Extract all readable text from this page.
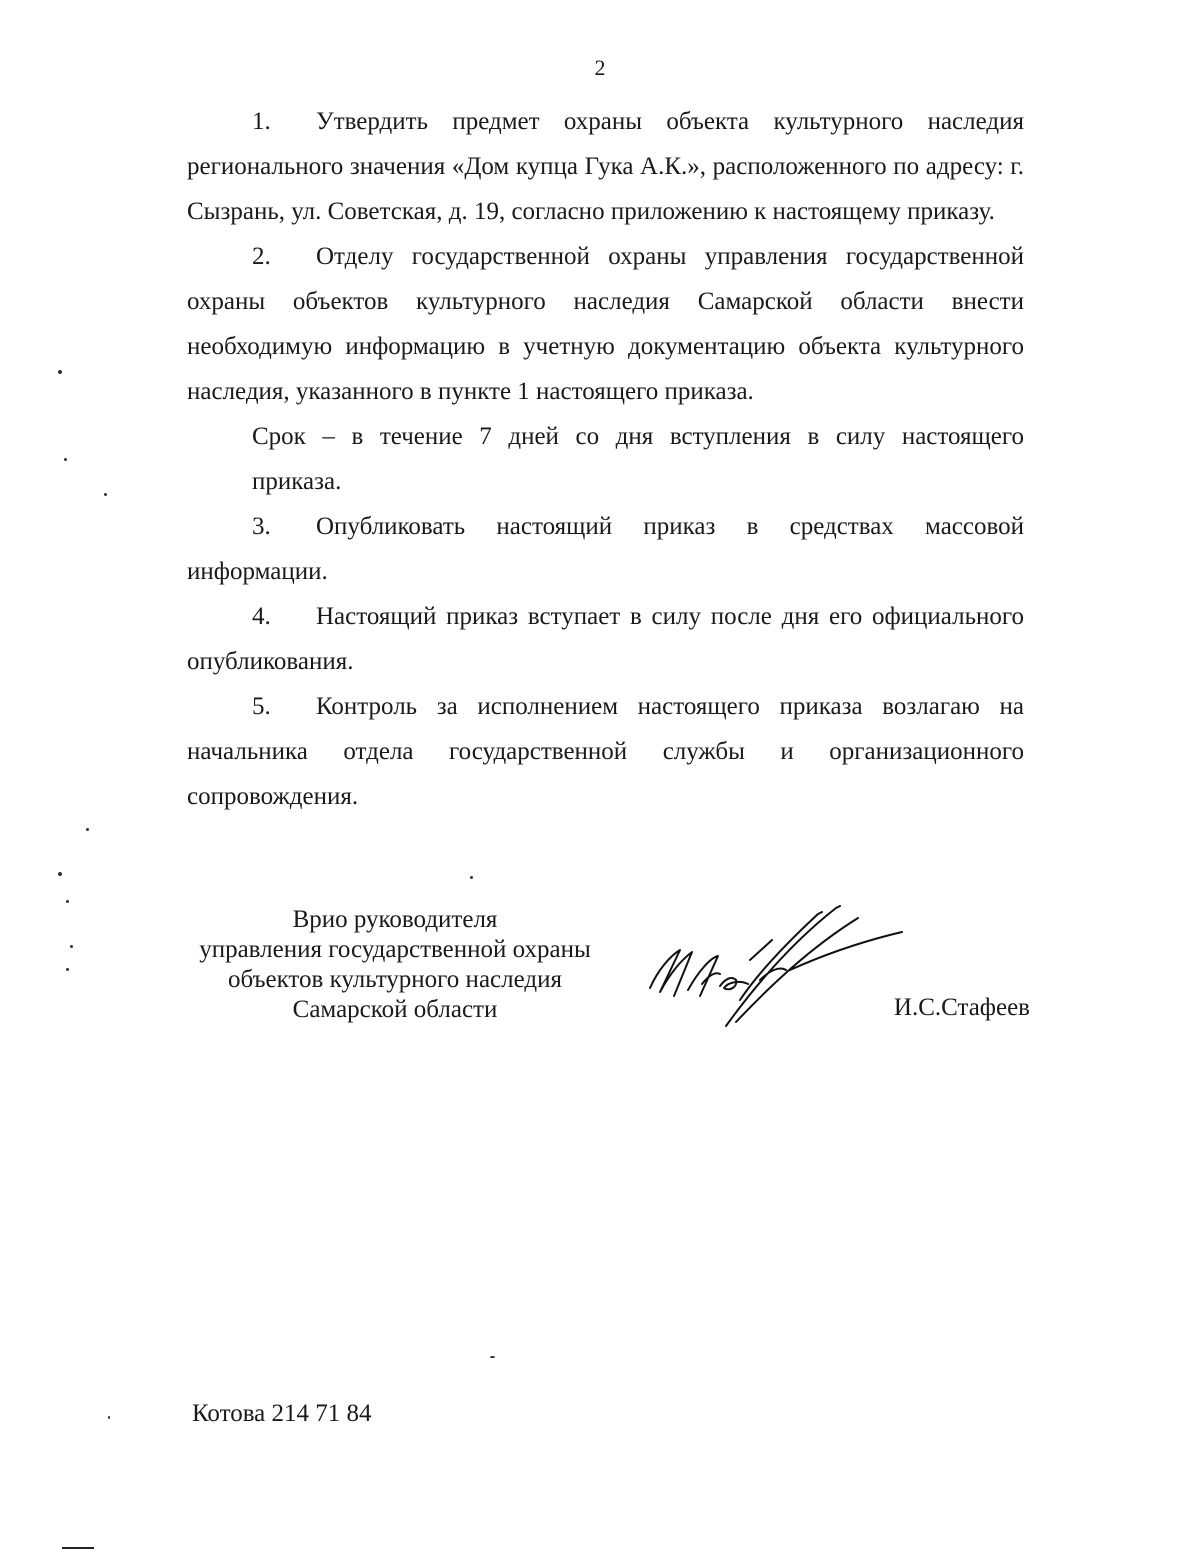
2

1. Утвердить предмет охраны объекта культурного наследия регионального значения «Дом купца Гука А.К.», расположенного по адресу: г. Сызрань, ул. Советская, д. 19, согласно приложению к настоящему приказу.

2. Отделу государственной охраны управления государственной охраны объектов культурного наследия Самарской области внести необходимую информацию в учетную документацию объекта культурного наследия, указанного в пункте 1 настоящего приказа.

Срок – в течение 7 дней со дня вступления в силу настоящего
приказа.

3. Опубликовать настоящий приказ в средствах массовой информации.

4. Настоящий приказ вступает в силу после дня его официального опубликования.

5. Контроль за исполнением настоящего приказа возлагаю на начальника отдела государственной службы и организационного сопровождения.

Врио руководителя
управления государственной охраны
объектов культурного наследия
Самарской области	И.С.Стафеев
Котова 214 71 84
